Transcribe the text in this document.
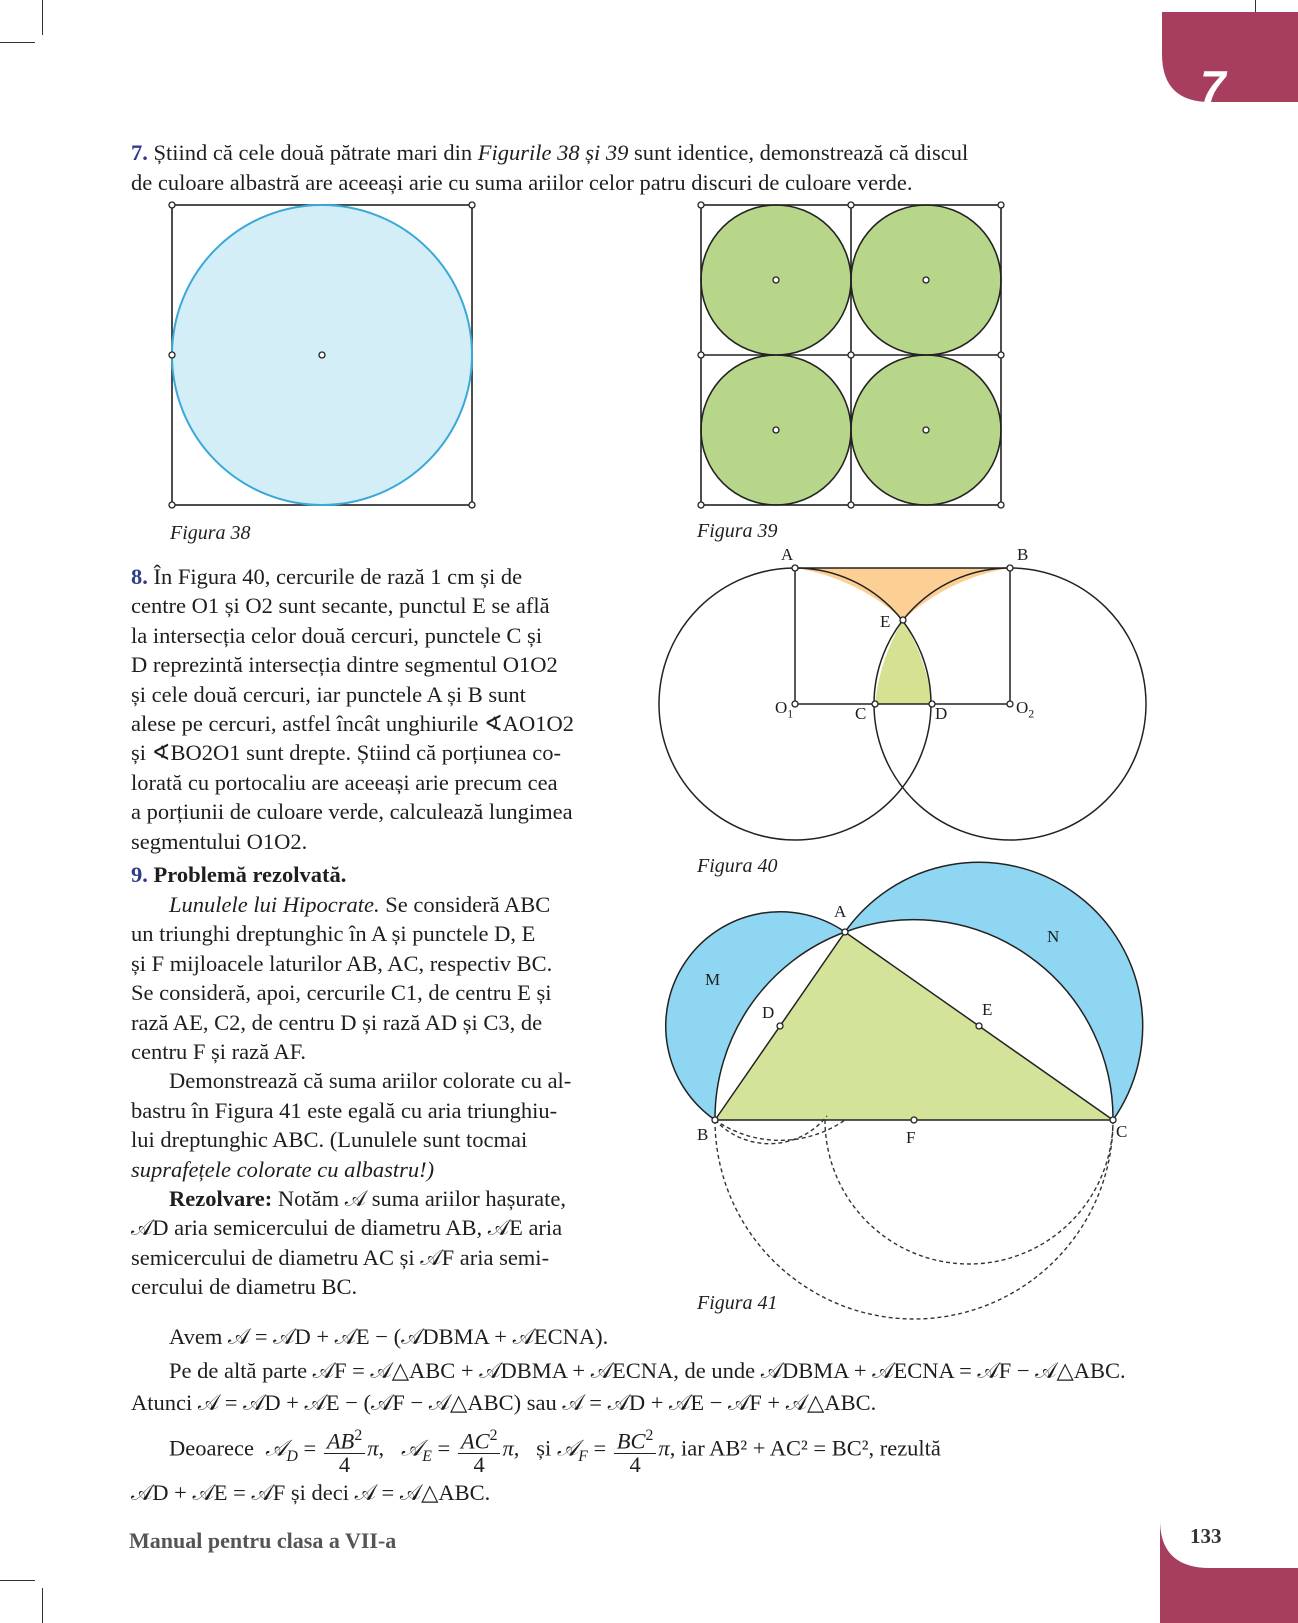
7
7. Știind că cele două pătrate mari din Figurile 38 și 39 sunt identice, demonstrează că discul
de culoare albastră are aceeași arie cu suma ariilor celor patru discuri de culoare verde.
Figura 38	Figura 39
8. În Figura 40, cercurile de rază 1 cm și de
centre O1 și O2 sunt secante, punctul E se află
la intersecția celor două cercuri, punctele C și
D reprezintă intersecția dintre segmentul O1O2
și cele două cercuri, iar punctele A și B sunt
alese pe cercuri, astfel încât unghiurile ∢AO1O2
și ∢BO2O1 sunt drepte. Știind că porțiunea co-
lorată cu portocaliu are aceeași arie precum cea
a porțiunii de culoare verde, calculează lungimea
segmentului O1O2.
A	B
E
$O_1$	C	D	$O_2$
Figura 40
9. Problemă rezolvată.
Lunulele lui Hipocrate. Se consideră ABC
un triunghi dreptunghic în A și punctele D, E
și F mijloacele laturilor AB, AC, respectiv BC.
Se consideră, apoi, cercurile C1, de centru E și
rază AE, C2, de centru D și rază AD și C3, de
centru F și rază AF.
Demonstrează că suma ariilor colorate cu al-
bastru în Figura 41 este egală cu aria triunghiu-
lui dreptunghic ABC. (Lunulele sunt tocmai
suprafețele colorate cu albastru!)
Rezolvare: Notăm 𝒜 suma ariilor hașurate,
𝒜D aria semicercului de diametru AB, 𝒜E aria
semicercului de diametru AC și 𝒜F aria semi-
cercului de diametru BC.
A
B	C
D	E
F
M
N
Figura 41
Avem 𝒜 = 𝒜D + 𝒜E − (𝒜DBMA + 𝒜ECNA).
Pe de altă parte 𝒜F = 𝒜△ABC + 𝒜DBMA + 𝒜ECNA, de unde 𝒜DBMA + 𝒜ECNA = 𝒜F − 𝒜△ABC.
Atunci 𝒜 = 𝒜D + 𝒜E − (𝒜F − 𝒜△ABC) sau 𝒜 = 𝒜D + 𝒜E − 𝒜F + 𝒜△ABC.
Deoarece 𝒜$_D$ = $\frac{AB^2}{4} \pi$,   𝒜$_E$ = $\frac{AC^2}{4} \pi$,   și 𝒜$_F$ = $\frac{BC^2}{4} \pi$, iar AB² + AC² = BC², rezultă
𝒜D + 𝒜E = 𝒜F și deci 𝒜 = 𝒜△ABC.
Manual pentru clasa a VII-a	133
